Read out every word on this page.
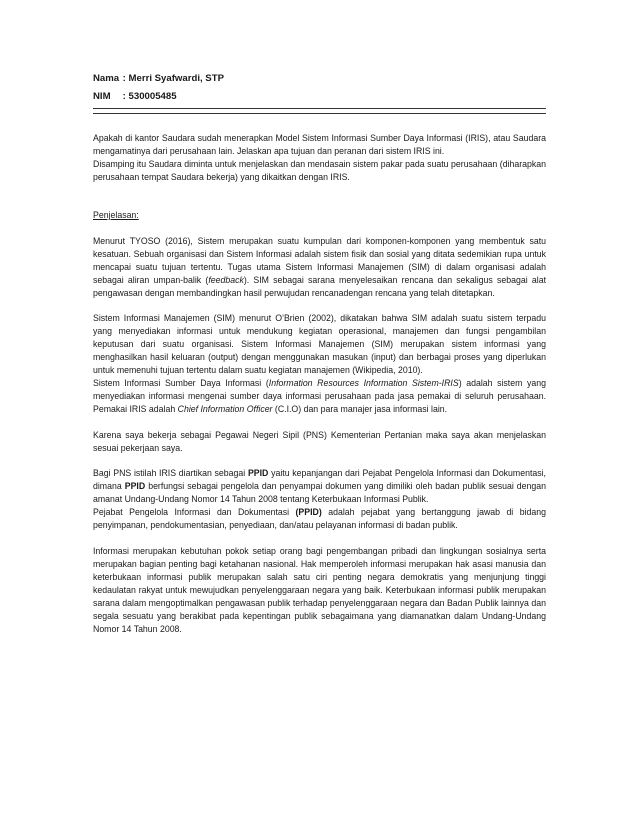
Nama : Merri Syafwardi, STP
NIM : 530005485

Apakah di kantor Saudara sudah menerapkan Model Sistem Informasi Sumber Daya Informasi (IRIS), atau Saudara mengamatinya dari perusahaan lain. Jelaskan apa tujuan dan peranan dari sistem IRIS ini.

Disamping itu Saudara diminta untuk menjelaskan dan mendasain sistem pakar pada suatu perusahaan (diharapkan perusahaan tempat Saudara bekerja) yang dikaitkan dengan IRIS.

Penjelasan:

Menurut TYOSO (2016), Sistem merupakan suatu kumpulan dari komponen-komponen yang membentuk satu kesatuan. Sebuah organisasi dan Sistem Informasi adalah sistem fisik dan sosial yang ditata sedemikian rupa untuk mencapai suatu tujuan tertentu. Tugas utama Sistem Informasi Manajemen (SIM) di dalam organisasi adalah sebagai aliran umpan-balik (feedback). SIM sebagai sarana menyelesaikan rencana dan sekaligus sebagai alat pengawasan dengan membandingkan hasil perwujudan rencanadengan rencana yang telah ditetapkan.

Sistem Informasi Manajemen (SIM) menurut O’Brien (2002), dikatakan bahwa SIM adalah suatu sistem terpadu yang menyediakan informasi untuk mendukung kegiatan operasional, manajemen dan fungsi pengambilan keputusan dari suatu organisasi. Sistem Informasi Manajemen (SIM) merupakan sistem informasi yang menghasilkan hasil keluaran (output) dengan menggunakan masukan (input) dan berbagai proses yang diperlukan untuk memenuhi tujuan tertentu dalam suatu kegiatan manajemen (Wikipedia, 2010).

Sistem Informasi Sumber Daya Informasi (Information Resources Information Sistem-IRIS) adalah sistem yang menyediakan informasi mengenai sumber daya informasi perusahaan pada jasa pemakai di seluruh perusahaan. Pemakai IRIS adalah Chief Information Officer (C.I.O) dan para manajer jasa informasi lain.

Karena saya bekerja sebagai Pegawai Negeri Sipil (PNS) Kementerian Pertanian maka saya akan menjelaskan sesuai pekerjaan saya.

Bagi PNS istilah IRIS diartikan sebagai PPID yaitu kepanjangan dari Pejabat Pengelola Informasi dan Dokumentasi, dimana PPID berfungsi sebagai pengelola dan penyampai dokumen yang dimiliki oleh badan publik sesuai dengan amanat Undang-Undang Nomor 14 Tahun 2008 tentang Keterbukaan Informasi Publik.

Pejabat Pengelola Informasi dan Dokumentasi (PPID) adalah pejabat yang bertanggung jawab di bidang penyimpanan, pendokumentasian, penyediaan, dan/atau pelayanan informasi di badan publik.

Informasi merupakan kebutuhan pokok setiap orang bagi pengembangan pribadi dan lingkungan sosialnya serta merupakan bagian penting bagi ketahanan nasional. Hak memperoleh informasi merupakan hak asasi manusia dan keterbukaan informasi publik merupakan salah satu ciri penting negara demokratis yang menjunjung tinggi kedaulatan rakyat untuk mewujudkan penyelenggaraan negara yang baik. Keterbukaan informasi publik merupakan sarana dalam mengoptimalkan pengawasan publik terhadap penyelenggaraan negara dan Badan Publik lainnya dan segala sesuatu yang berakibat pada kepentingan publik sebagaimana yang diamanatkan dalam Undang-Undang Nomor 14 Tahun 2008.
